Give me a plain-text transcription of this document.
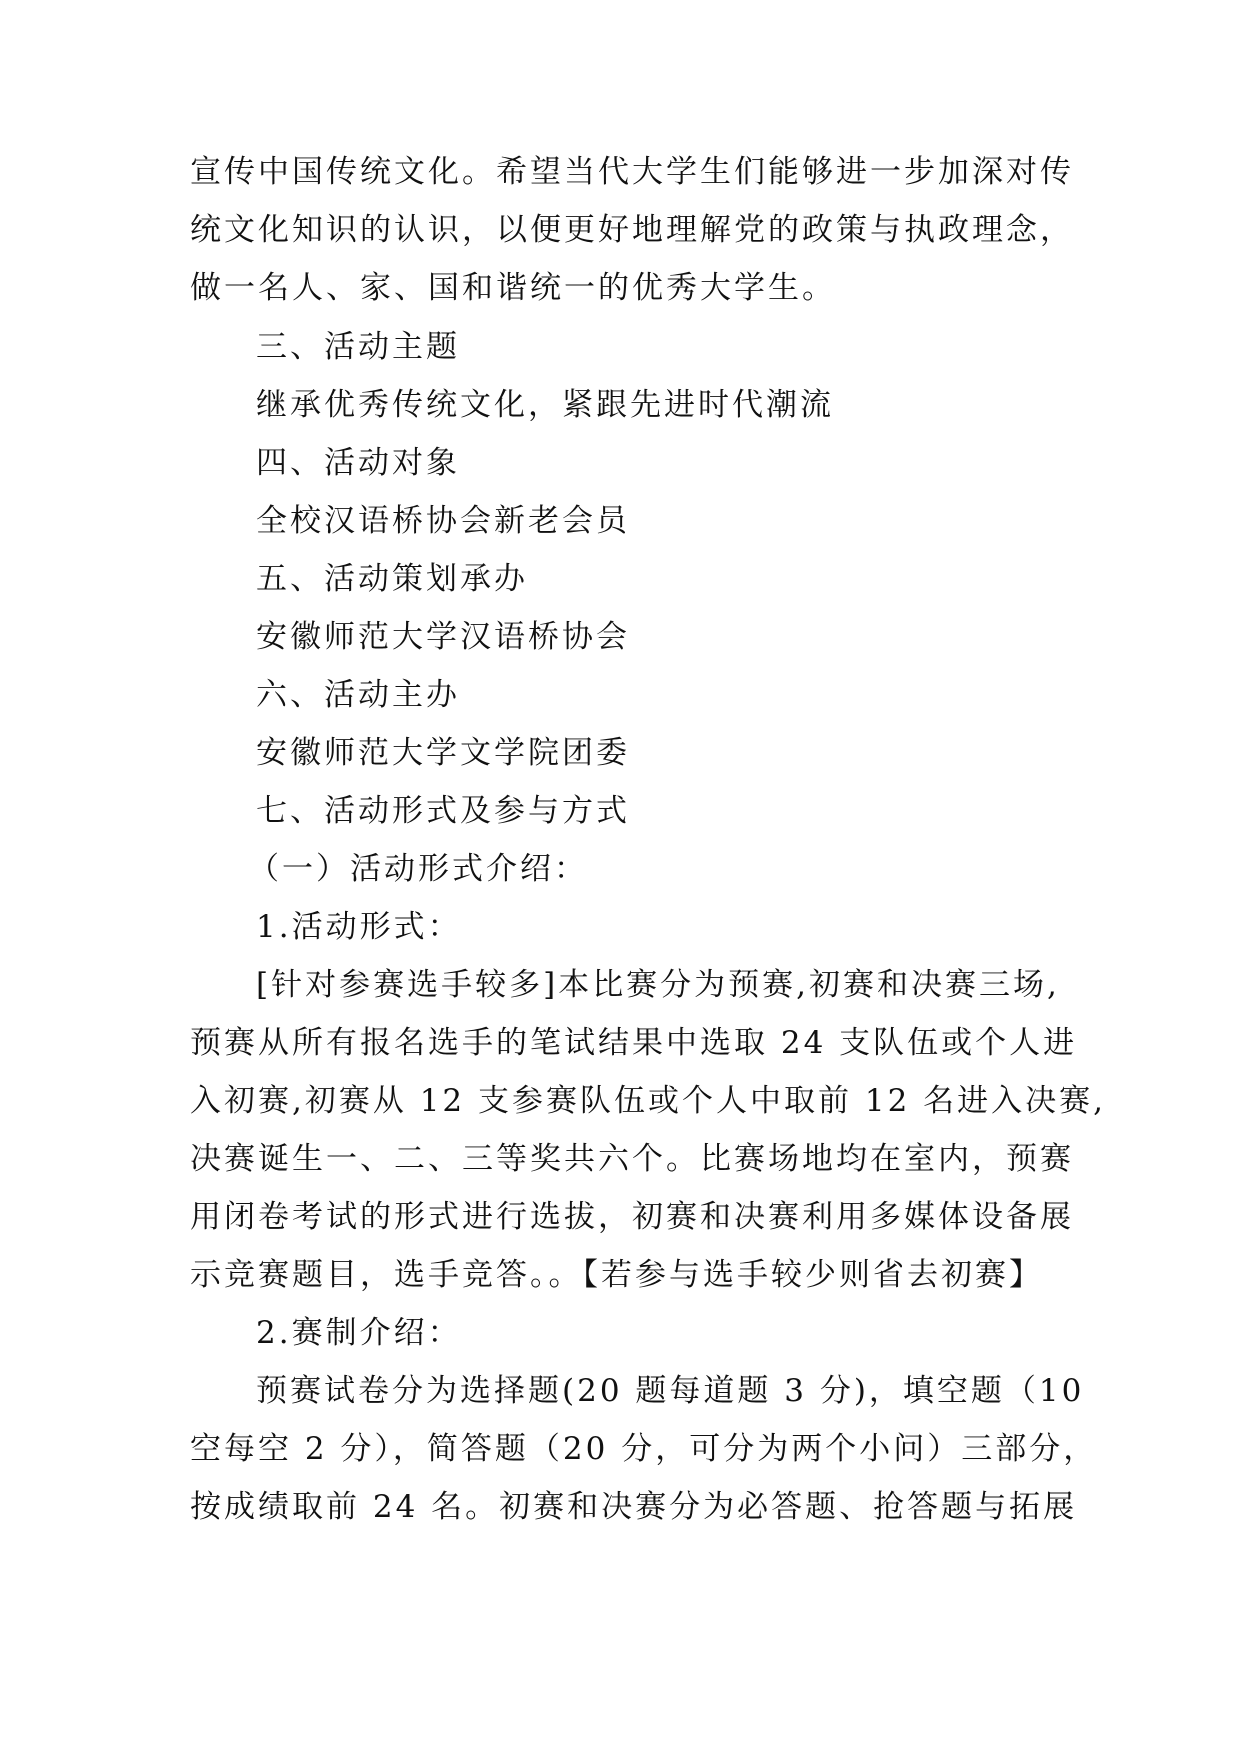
宣传中国传统文化。希望当代大学生们能够进一步加深对传
统文化知识的认识，以便更好地理解党的政策与执政理念，
做一名人、家、国和谐统一的优秀大学生。
三、活动主题
继承优秀传统文化，紧跟先进时代潮流
四、活动对象
全校汉语桥协会新老会员
五、活动策划承办
安徽师范大学汉语桥协会
六、活动主办
安徽师范大学文学院团委
七、活动形式及参与方式
（一）活动形式介绍：
1.活动形式：
[针对参赛选手较多]本比赛分为预赛,初赛和决赛三场,
预赛从所有报名选手的笔试结果中选取 24 支队伍或个人进
入初赛,初赛从 12 支参赛队伍或个人中取前 12 名进入决赛,
决赛诞生一、二、三等奖共六个。比赛场地均在室内，预赛
用闭卷考试的形式进行选拔，初赛和决赛利用多媒体设备展
示竞赛题目，选手竞答。。【若参与选手较少则省去初赛】
2.赛制介绍：
预赛试卷分为选择题(20 题每道题 3 分)，填空题（10
空每空 2 分），简答题（20 分，可分为两个小问）三部分，
按成绩取前 24 名。初赛和决赛分为必答题、抢答题与拓展
